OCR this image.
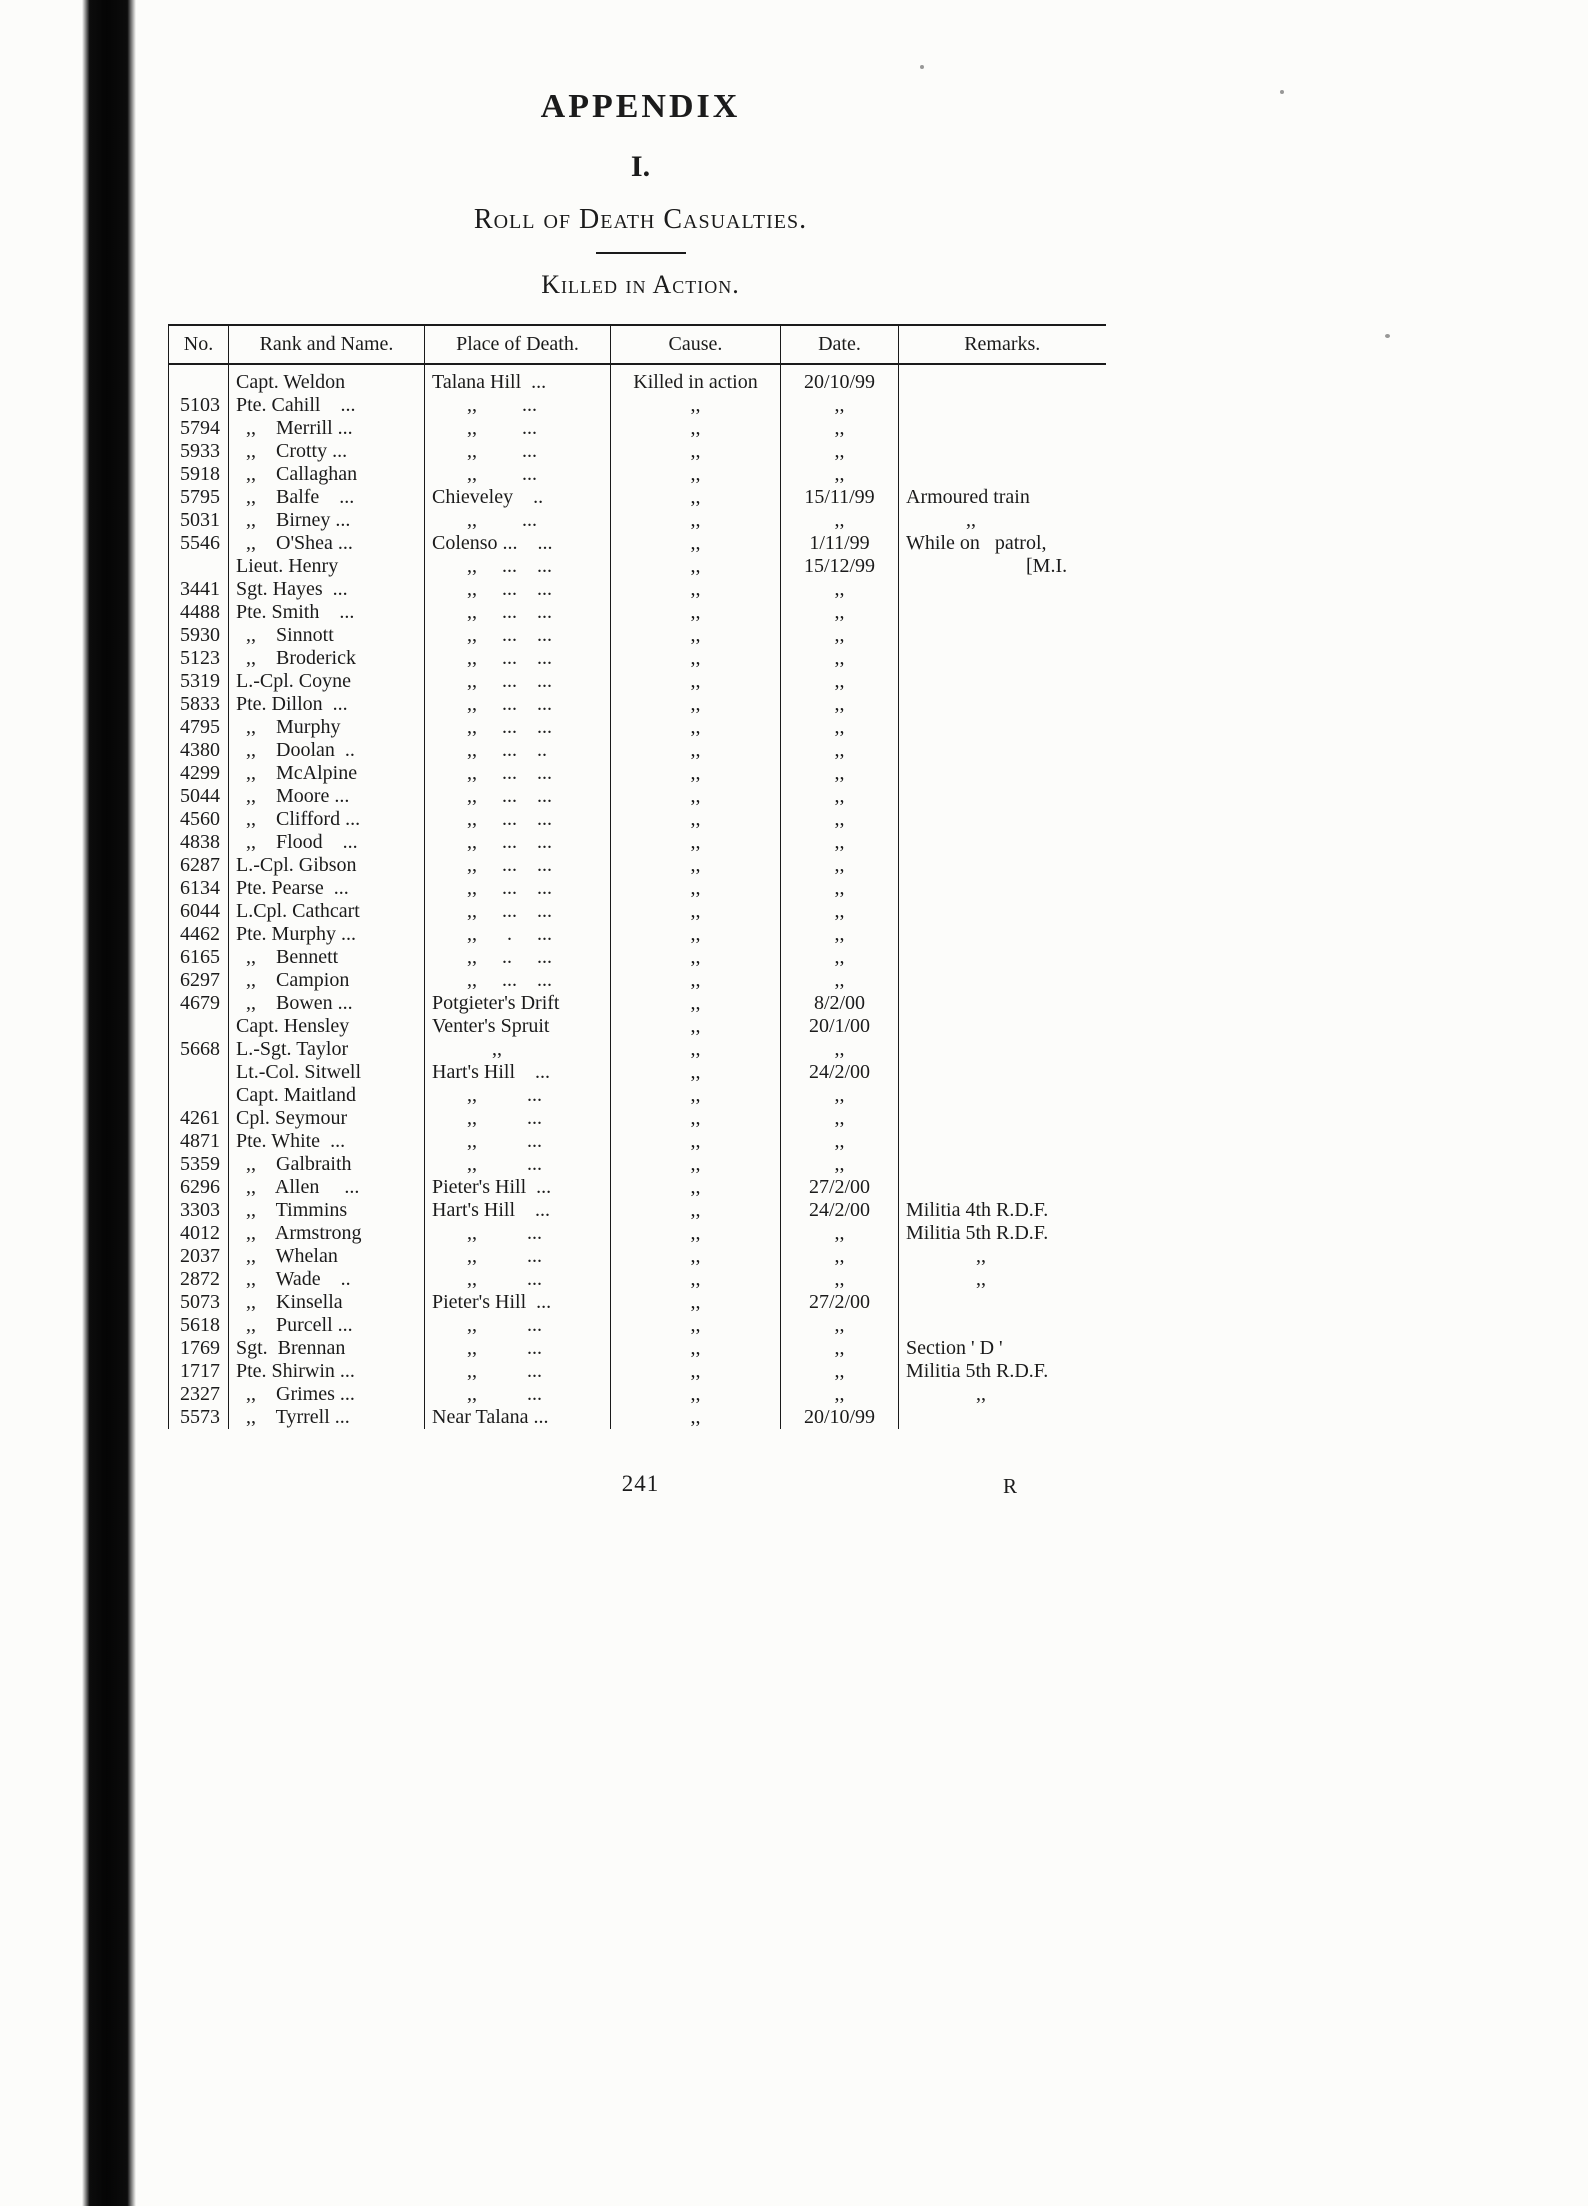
APPENDIX
I.
Roll of Death Casualties.
Killed in Action.
No.	Rank and Name.	Place of Death.	Cause.	Date.	Remarks.
	Capt. Weldon	Talana Hill  ...	Killed in action	20/10/99	
5103	Pte. Cahill    ...	,,         ...	,,	,,	
5794	,,    Merrill ...	,,         ...	,,	,,	
5933	,,    Crotty ...	,,         ...	,,	,,	
5918	,,    Callaghan	,,         ...	,,	,,	
5795	,,    Balfe    ...	Chieveley    ..	,,	15/11/99	Armoured train
5031	,,    Birney ...	,,         ...	,,	,,	,,
5546	,,    O'Shea ...	Colenso ...    ...	,,	1/11/99	While on   patrol,
	Lieut. Henry	,,     ...    ...	,,	15/12/99	[M.I.
3441	Sgt. Hayes  ...	,,     ...    ...	,,	,,	
4488	Pte. Smith    ...	,,     ...    ...	,,	,,	
5930	,,    Sinnott	,,     ...    ...	,,	,,	
5123	,,    Broderick	,,     ...    ...	,,	,,	
5319	L.-Cpl. Coyne	,,     ...    ...	,,	,,	
5833	Pte. Dillon  ...	,,     ...    ...	,,	,,	
4795	,,    Murphy	,,     ...    ...	,,	,,	
4380	,,    Doolan  ..	,,     ...    ..	,,	,,	
4299	,,    McAlpine	,,     ...    ...	,,	,,	
5044	,,    Moore ...	,,     ...    ...	,,	,,	
4560	,,    Clifford ...	,,     ...    ...	,,	,,	
4838	,,    Flood    ...	,,     ...    ...	,,	,,	
6287	L.-Cpl. Gibson	,,     ...    ...	,,	,,	
6134	Pte. Pearse  ...	,,     ...    ...	,,	,,	
6044	L.Cpl. Cathcart	,,     ...    ...	,,	,,	
4462	Pte. Murphy ...	,,      .     ...	,,	,,	
6165	,,    Bennett	,,     ..     ...	,,	,,	
6297	,,    Campion	,,     ...    ...	,,	,,	
4679	,,    Bowen ...	Potgieter's Drift	,,	8/2/00	
	Capt. Hensley	Venter's Spruit	,,	20/1/00	
5668	L.-Sgt. Taylor	,,	,,	,,	
	Lt.-Col. Sitwell	Hart's Hill    ...	,,	24/2/00	
	Capt. Maitland	,,          ...	,,	,,	
4261	Cpl. Seymour	,,          ...	,,	,,	
4871	Pte. White  ...	,,          ...	,,	,,	
5359	,,    Galbraith	,,          ...	,,	,,	
6296	,,    Allen     ...	Pieter's Hill  ...	,,	27/2/00	
3303	,,    Timmins	Hart's Hill    ...	,,	24/2/00	Militia 4th R.D.F.
4012	,,    Armstrong	,,          ...	,,	,,	Militia 5th R.D.F.
2037	,,    Whelan	,,          ...	,,	,,	,,
2872	,,    Wade    ..	,,          ...	,,	,,	,,
5073	,,    Kinsella	Pieter's Hill  ...	,,	27/2/00	
5618	,,    Purcell ...	,,          ...	,,	,,	
1769	Sgt.  Brennan	,,          ...	,,	,,	Section ' D '
1717	Pte. Shirwin ...	,,          ...	,,	,,	Militia 5th R.D.F.
2327	,,    Grimes ...	,,          ...	,,	,,	,,
5573	,,    Tyrrell ...	Near Talana ...	,,	20/10/99	
241	R
